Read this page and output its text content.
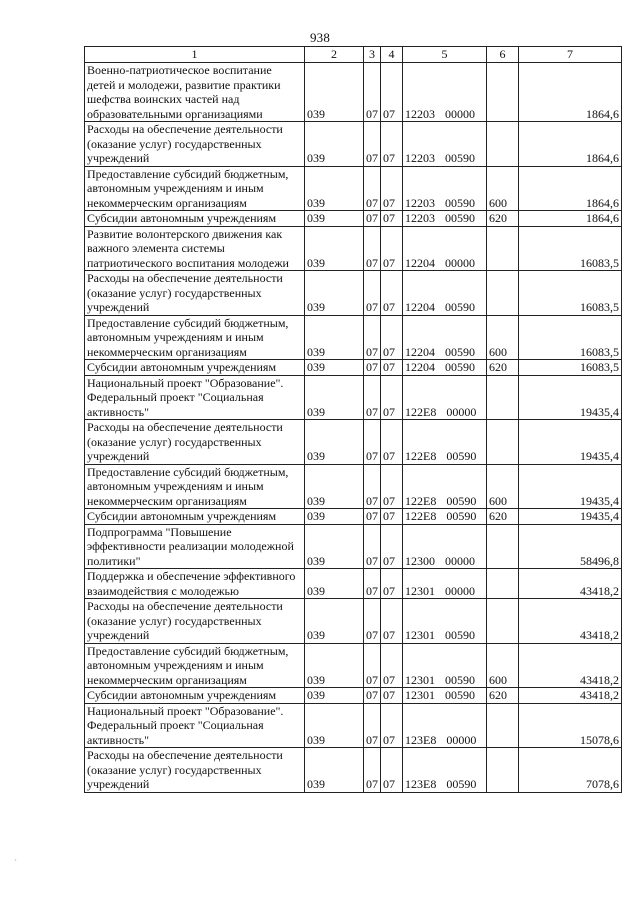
938
1	2	3	4	5	6	7
Военно-патриотическое воспитание детей и молодежи, развитие практики шефства воинских частей над образовательными организациями	039	07	07	12203 00000		1864,6
Расходы на обеспечение деятельности (оказание услуг) государственных учреждений	039	07	07	12203 00590		1864,6
Предоставление субсидий бюджетным, автономным учреждениям и иным некоммерческим организациям	039	07	07	12203 00590	600	1864,6
Субсидии автономным учреждениям	039	07	07	12203 00590	620	1864,6
Развитие волонтерского движения как важного элемента системы патриотического воспитания молодежи	039	07	07	12204 00000		16083,5
Расходы на обеспечение деятельности (оказание услуг) государственных учреждений	039	07	07	12204 00590		16083,5
Предоставление субсидий бюджетным, автономным учреждениям и иным некоммерческим организациям	039	07	07	12204 00590	600	16083,5
Субсидии автономным учреждениям	039	07	07	12204 00590	620	16083,5
Национальный проект "Образование". Федеральный проект "Социальная активность"	039	07	07	122E8 00000		19435,4
Расходы на обеспечение деятельности (оказание услуг) государственных учреждений	039	07	07	122E8 00590		19435,4
Предоставление субсидий бюджетным, автономным учреждениям и иным некоммерческим организациям	039	07	07	122E8 00590	600	19435,4
Субсидии автономным учреждениям	039	07	07	122E8 00590	620	19435,4
Подпрограмма "Повышение эффективности реализации молодежной политики"	039	07	07	12300 00000		58496,8
Поддержка и обеспечение эффективного взаимодействия с молодежью	039	07	07	12301 00000		43418,2
Расходы на обеспечение деятельности (оказание услуг) государственных учреждений	039	07	07	12301 00590		43418,2
Предоставление субсидий бюджетным, автономным учреждениям и иным некоммерческим организациям	039	07	07	12301 00590	600	43418,2
Субсидии автономным учреждениям	039	07	07	12301 00590	620	43418,2
Национальный проект "Образование". Федеральный проект "Социальная активность"	039	07	07	123E8 00000		15078,6
Расходы на обеспечение деятельности (оказание услуг) государственных учреждений	039	07	07	123E8 00590		7078,6
`
